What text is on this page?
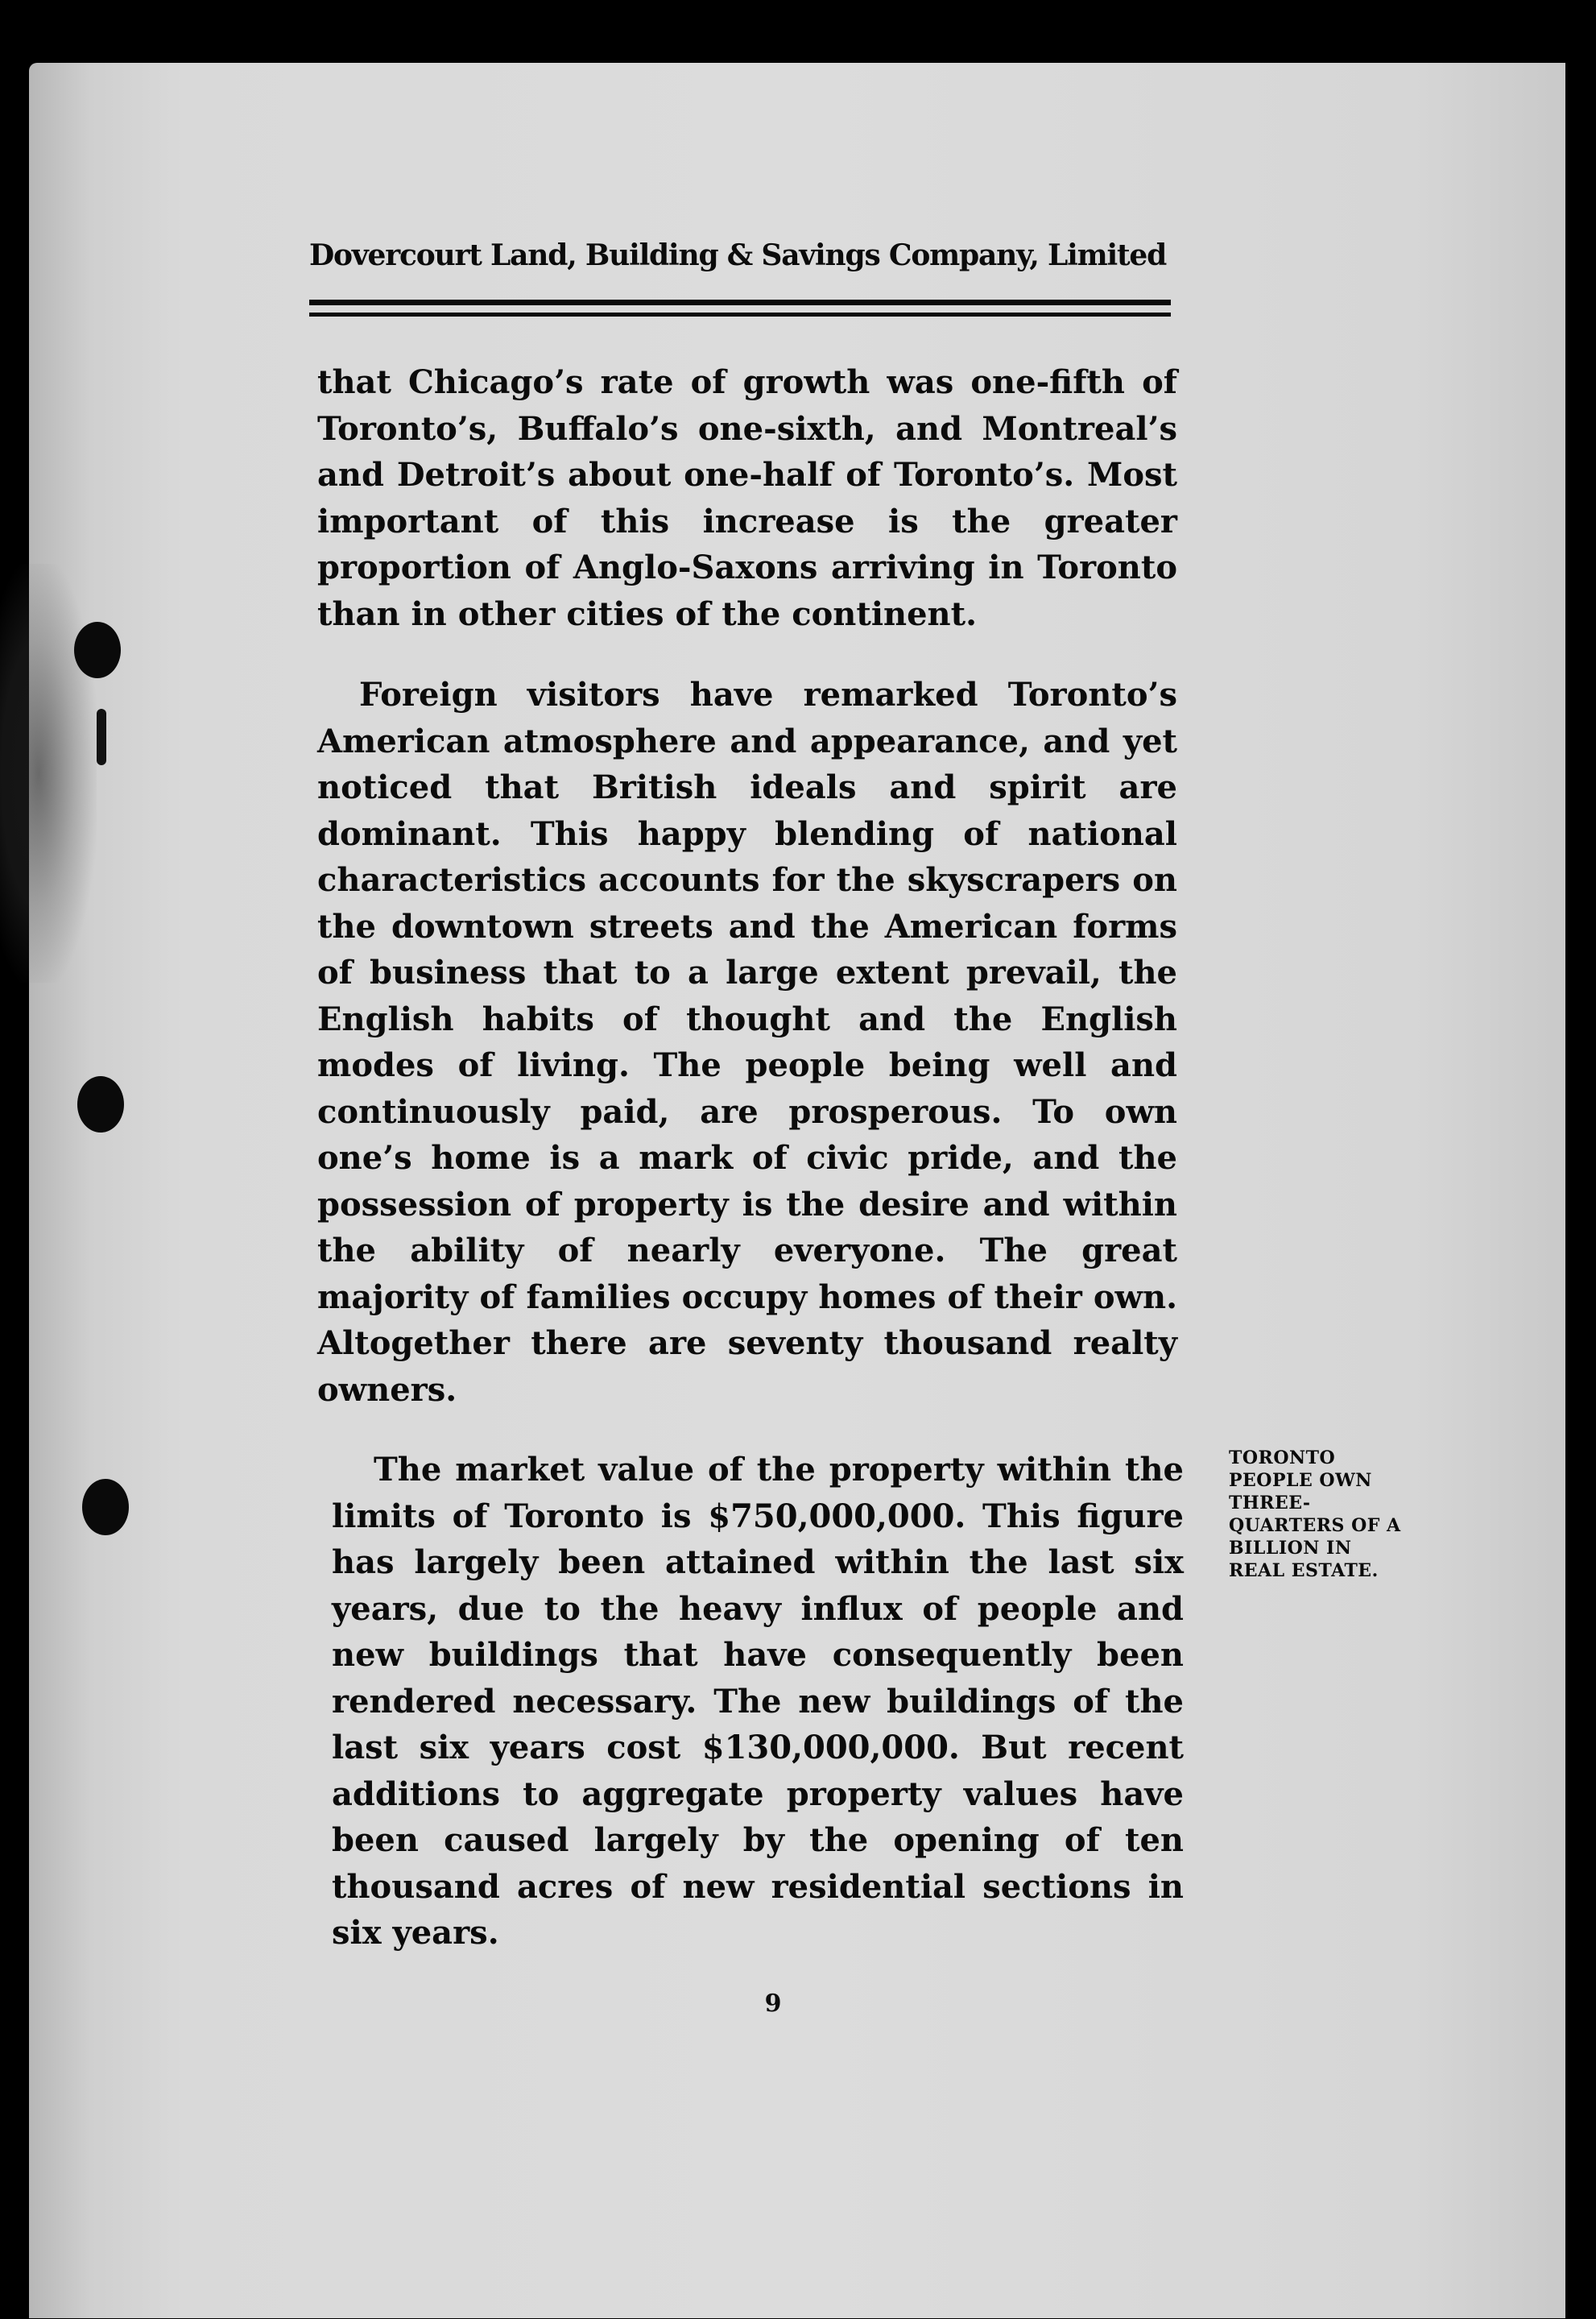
Dovercourt Land, Building & Savings Company, Limited

that Chicago’s rate of growth was one-fifth of Toronto’s, Buffalo’s one-sixth, and Montreal’s and Detroit’s about one-half of Toronto’s. Most important of this increase is the greater proportion of Anglo-Saxons arriving in Toronto than in other cities of the continent.

Foreign visitors have remarked Toronto’s American atmosphere and appearance, and yet noticed that British ideals and spirit are dominant. This happy blending of national characteristics accounts for the skyscrapers on the downtown streets and the American forms of business that to a large extent prevail, the English habits of thought and the English modes of living. The people being well and continuously paid, are prosperous. To own one’s home is a mark of civic pride, and the possession of property is the desire and within the ability of nearly everyone. The great majority of families occupy homes of their own. Altogether there are seventy thousand realty owners.

The market value of the property within the limits of Toronto is $750,000,000. This figure has largely been attained within the last six years, due to the heavy influx of people and new buildings that have consequently been rendered necessary. The new buildings of the last six years cost $130,000,000. But recent additions to aggregate property values have been caused largely by the opening of ten thousand acres of new residential sections in six years.

TORONTO
PEOPLE OWN
THREE-
QUARTERS OF A
BILLION IN
REAL ESTATE.
9
